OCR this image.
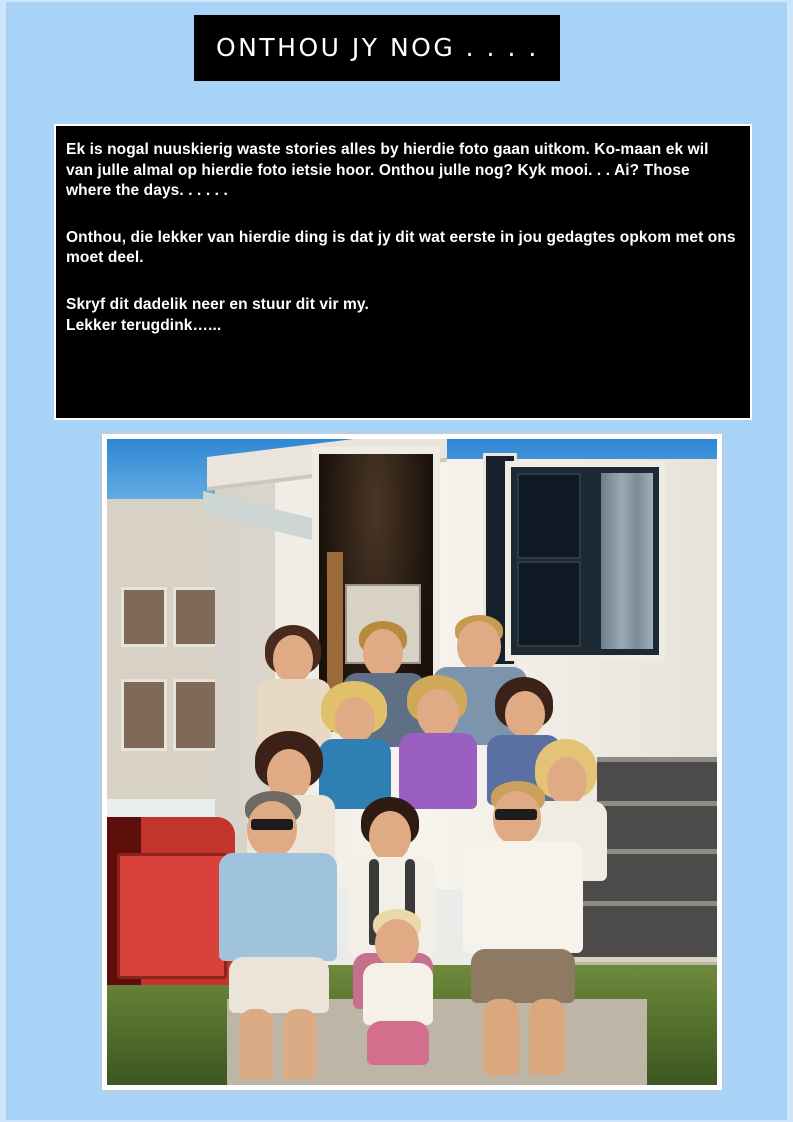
ONTHOU JY NOG . . . .

Ek is nogal nuuskierig waste stories alles by hierdie foto gaan uitkom. Ko-maan ek wil van julle almal op hierdie foto ietsie hoor. Onthou julle nog? Kyk mooi. . . Ai? Those where the days. . . . . .

Onthou, die lekker van hierdie ding is dat jy dit wat eerste in jou gedagtes opkom met ons moet deel.

Skryf dit dadelik neer en stuur dit vir my.

Lekker terugdink…...
